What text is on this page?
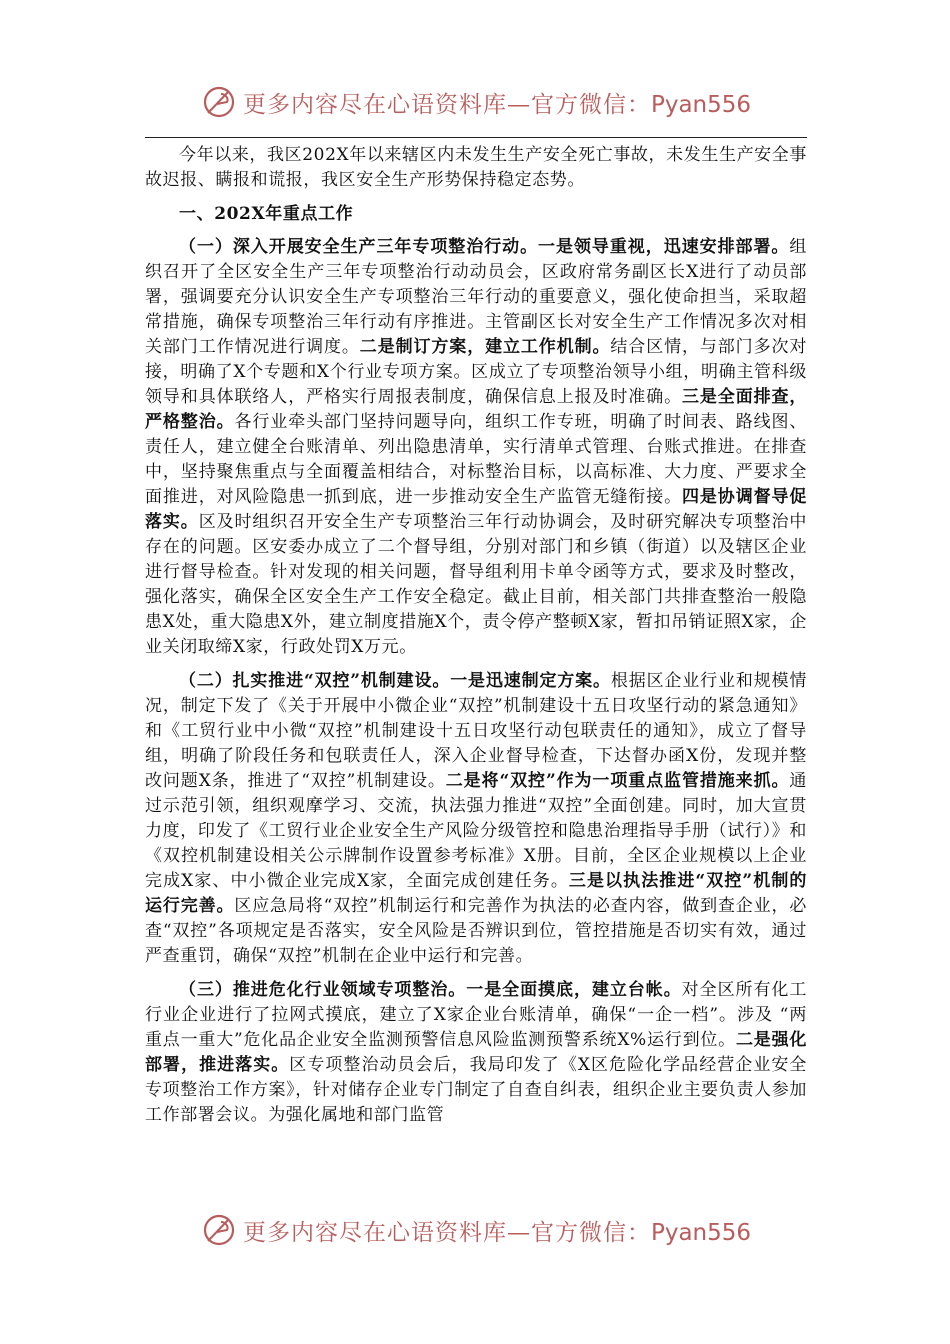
更多内容尽在心语资料库—官方微信：Pyan556

今年以来，我区202X年以来辖区内未发生生产安全死亡事故，未发生生产安全事故迟报、瞒报和谎报，我区安全生产形势保持稳定态势。

一、202X年重点工作

（一）深入开展安全生产三年专项整治行动。一是领导重视，迅速安排部署。组织召开了全区安全生产三年专项整治行动动员会，区政府常务副区长X进行了动员部署，强调要充分认识安全生产专项整治三年行动的重要意义，强化使命担当，采取超常措施，确保专项整治三年行动有序推进。主管副区长对安全生产工作情况多次对相关部门工作情况进行调度。二是制订方案，建立工作机制。结合区情，与部门多次对接，明确了X个专题和X个行业专项方案。区成立了专项整治领导小组，明确主管科级领导和具体联络人，严格实行周报表制度，确保信息上报及时准确。三是全面排查，严格整治。各行业牵头部门坚持问题导向，组织工作专班，明确了时间表、路线图、责任人，建立健全台账清单、列出隐患清单，实行清单式管理、台账式推进。在排查中，坚持聚焦重点与全面覆盖相结合，对标整治目标，以高标准、大力度、严要求全面推进，对风险隐患一抓到底，进一步推动安全生产监管无缝衔接。四是协调督导促落实。区及时组织召开安全生产专项整治三年行动协调会，及时研究解决专项整治中存在的问题。区安委办成立了二个督导组，分别对部门和乡镇（街道）以及辖区企业进行督导检查。针对发现的相关问题，督导组利用卡单令函等方式，要求及时整改，强化落实，确保全区安全生产工作安全稳定。截止目前，相关部门共排查整治一般隐患X处，重大隐患X外，建立制度措施X个，责令停产整顿X家，暂扣吊销证照X家，企业关闭取缔X家，行政处罚X万元。

（二）扎实推进“双控”机制建设。一是迅速制定方案。根据区企业行业和规模情况，制定下发了《关于开展中小微企业“双控”机制建设十五日攻坚行动的紧急通知》和《工贸行业中小微“双控”机制建设十五日攻坚行动包联责任的通知》，成立了督导组，明确了阶段任务和包联责任人，深入企业督导检查，下达督办函X份，发现并整改问题X条，推进了“双控”机制建设。二是将“双控”作为一项重点监管措施来抓。通过示范引领，组织观摩学习、交流，执法强力推进“双控”全面创建。同时，加大宣贯力度，印发了《工贸行业企业安全生产风险分级管控和隐患治理指导手册（试行）》和《双控机制建设相关公示牌制作设置参考标准》X册。目前，全区企业规模以上企业完成X家、中小微企业完成X家，全面完成创建任务。三是以执法推进“双控”机制的运行完善。区应急局将“双控”机制运行和完善作为执法的必查内容，做到查企业，必查“双控”各项规定是否落实，安全风险是否辨识到位，管控措施是否切实有效，通过严查重罚，确保“双控”机制在企业中运行和完善。

（三）推进危化行业领域专项整治。一是全面摸底，建立台帐。对全区所有化工行业企业进行了拉网式摸底，建立了X家企业台账清单，确保“一企一档”。涉及 “两重点一重大”危化品企业安全监测预警信息风险监测预警系统X%运行到位。二是强化部署，推进落实。区专项整治动员会后，我局印发了《X区危险化学品经营企业安全专项整治工作方案》，针对储存企业专门制定了自查自纠表，组织企业主要负责人参加工作部署会议。为强化属地和部门监管

更多内容尽在心语资料库—官方微信：Pyan556
